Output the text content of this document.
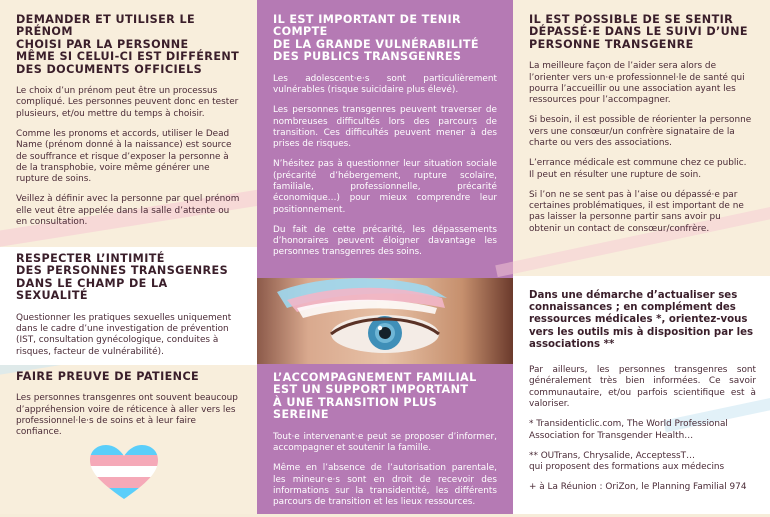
DEMANDER ET UTILISER LE PRÉNOM
CHOISI PAR LA PERSONNE
MÊME SI CELUI-CI EST DIFFÉRENT
DES DOCUMENTS OFFICIELS

Le choix d’un prénom peut être un processus compliqué. Les personnes peuvent donc en tester plusieurs, et/ou mettre du temps à choisir.

Comme les pronoms et accords, utiliser le Dead Name (prénom donné à la naissance) est source de souffrance et risque d’exposer la personne à de la transphobie, voire même générer une rupture de soins.

Veillez à définir avec la personne par quel prénom elle veut être appelée dans la salle d’attente ou en consultation.

RESPECTER L’INTIMITÉ
DES PERSONNES TRANSGENRES
DANS LE CHAMP DE LA SEXUALITÉ

Questionner les pratiques sexuelles uniquement dans le cadre d’une investigation de prévention (IST, consultation gynécologique, conduites à risques, facteur de vulnérabilité).

FAIRE PREUVE DE PATIENCE

Les personnes transgenres ont souvent beaucoup d’appréhension voire de réticence à aller vers les professionnel·le·s de soins et à leur faire confiance.

IL EST IMPORTANT DE TENIR COMPTE
DE LA GRANDE VULNÉRABILITÉ
DES PUBLICS TRANSGENRES

Les adolescent·e·s sont particulièrement vulnérables (risque suicidaire plus élevé).

Les personnes transgenres peuvent traverser de nombreuses difficultés lors des parcours de transition. Ces difficultés peuvent mener à des prises de risques.

N’hésitez pas à questionner leur situation sociale (précarité d’hébergement, rupture scolaire, familiale, professionnelle, précarité économique…) pour mieux comprendre leur positionnement.

Du fait de cette précarité, les dépassements d’honoraires peuvent éloigner davantage les personnes transgenres des soins.

L’ACCOMPAGNEMENT FAMILIAL
EST UN SUPPORT IMPORTANT
À UNE TRANSITION PLUS SEREINE

Tout·e intervenant·e peut se proposer d’informer, accompagner et soutenir la famille.

Même en l’absence de l’autorisation parentale, les mineur·e·s sont en droit de recevoir des informations sur la transidentité, les différents parcours de transition et les lieux ressources.

IL EST POSSIBLE DE SE SENTIR
DÉPASSÉ·E DANS LE SUIVI D’UNE
PERSONNE TRANSGENRE

La meilleure façon de l’aider sera alors de l’orienter vers un·e professionnel·le de santé qui pourra l’accueillir ou une association ayant les ressources pour l’accompagner.

Si besoin, il est possible de réorienter la personne vers une consœur/un confrère signataire de la charte ou vers des associations.

L’errance médicale est commune chez ce public.
Il peut en résulter une rupture de soin.

Si l’on ne se sent pas à l’aise ou dépassé·e par certaines problématiques, il est important de ne pas laisser la personne partir sans avoir pu obtenir un contact de consœur/confrère.

Dans une démarche d’actualiser ses connaissances ; en complément des ressources médicales *, orientez-vous vers les outils mis à disposition par les associations **

Par ailleurs, les personnes transgenres sont généralement très bien informées. Ce savoir communautaire, et/ou parfois scientifique est à valoriser.

* Transidenticlic.com, The World Professional Association for Transgender Health…

** OUTrans, Chrysalide, AcceptessT…
qui proposent des formations aux médecins

+ à La Réunion : OriZon, le Planning Familial 974
